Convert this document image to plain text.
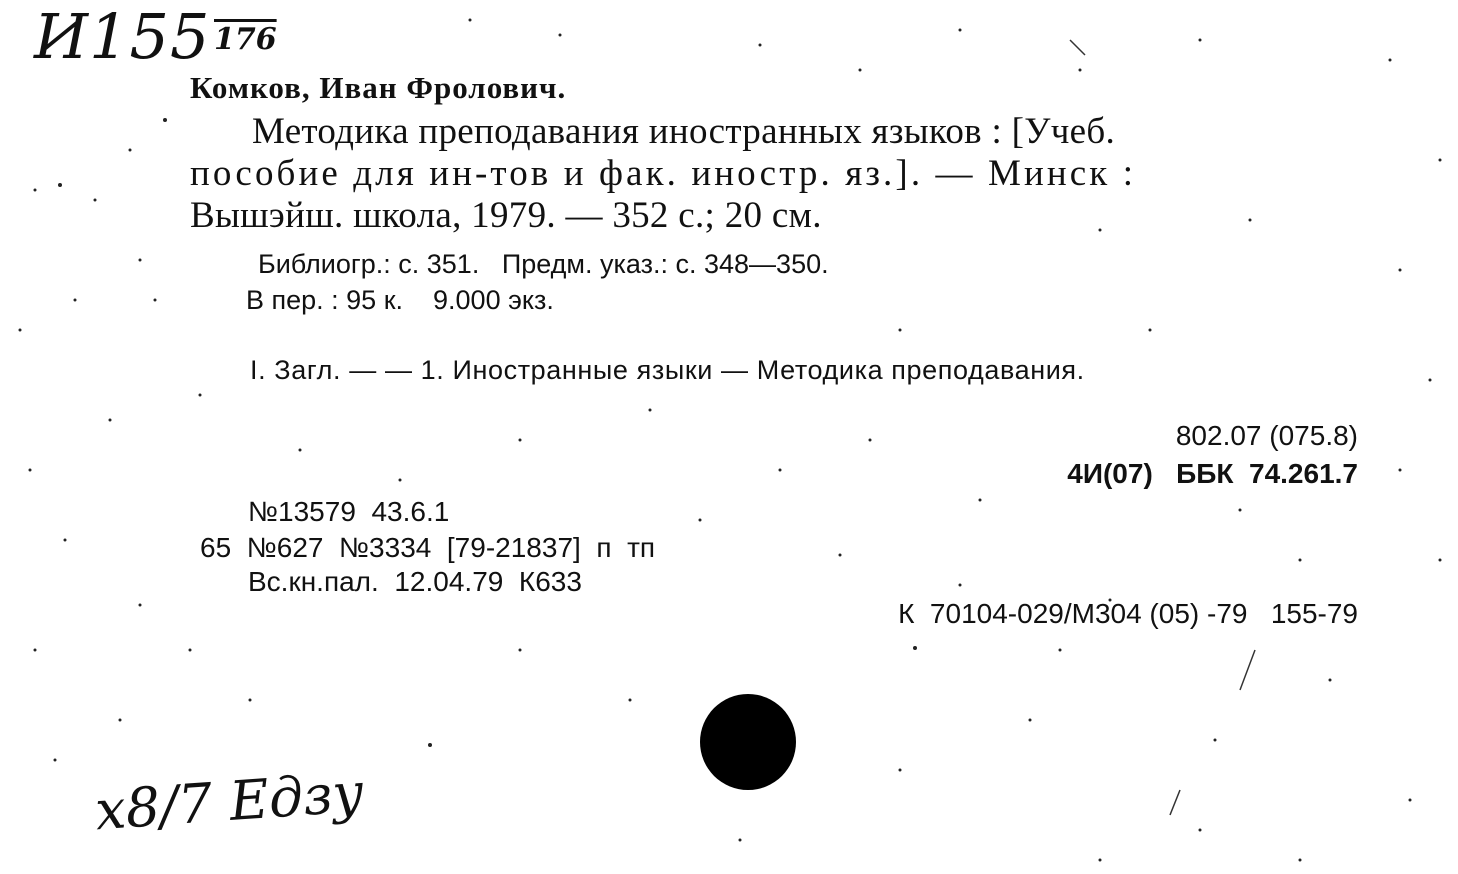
И155 176
Комков, Иван Фролович.
Методика преподавания иностранных языков : [Учеб.
пособие для ин-тов и фак. иностр. яз.]. — Минск :
Вышэйш. школа, 1979. — 352 с.; 20 см.
Библиогр.: с. 351.   Предм. указ.: с. 348—350.
В пер. : 95 к.    9.000 экз.
I. Загл. — — 1. Иностранные языки — Методика преподавания.
802.07 (075.8)
4И(07)   ББК  74.261.7
№13579  43.6.1
65  №627  №3334  [79-21837]  п  тп
Вс.кн.пал.  12.04.79  К633
К  70104-029/М304 (05) -79   155-79
х8/7 Едзу
